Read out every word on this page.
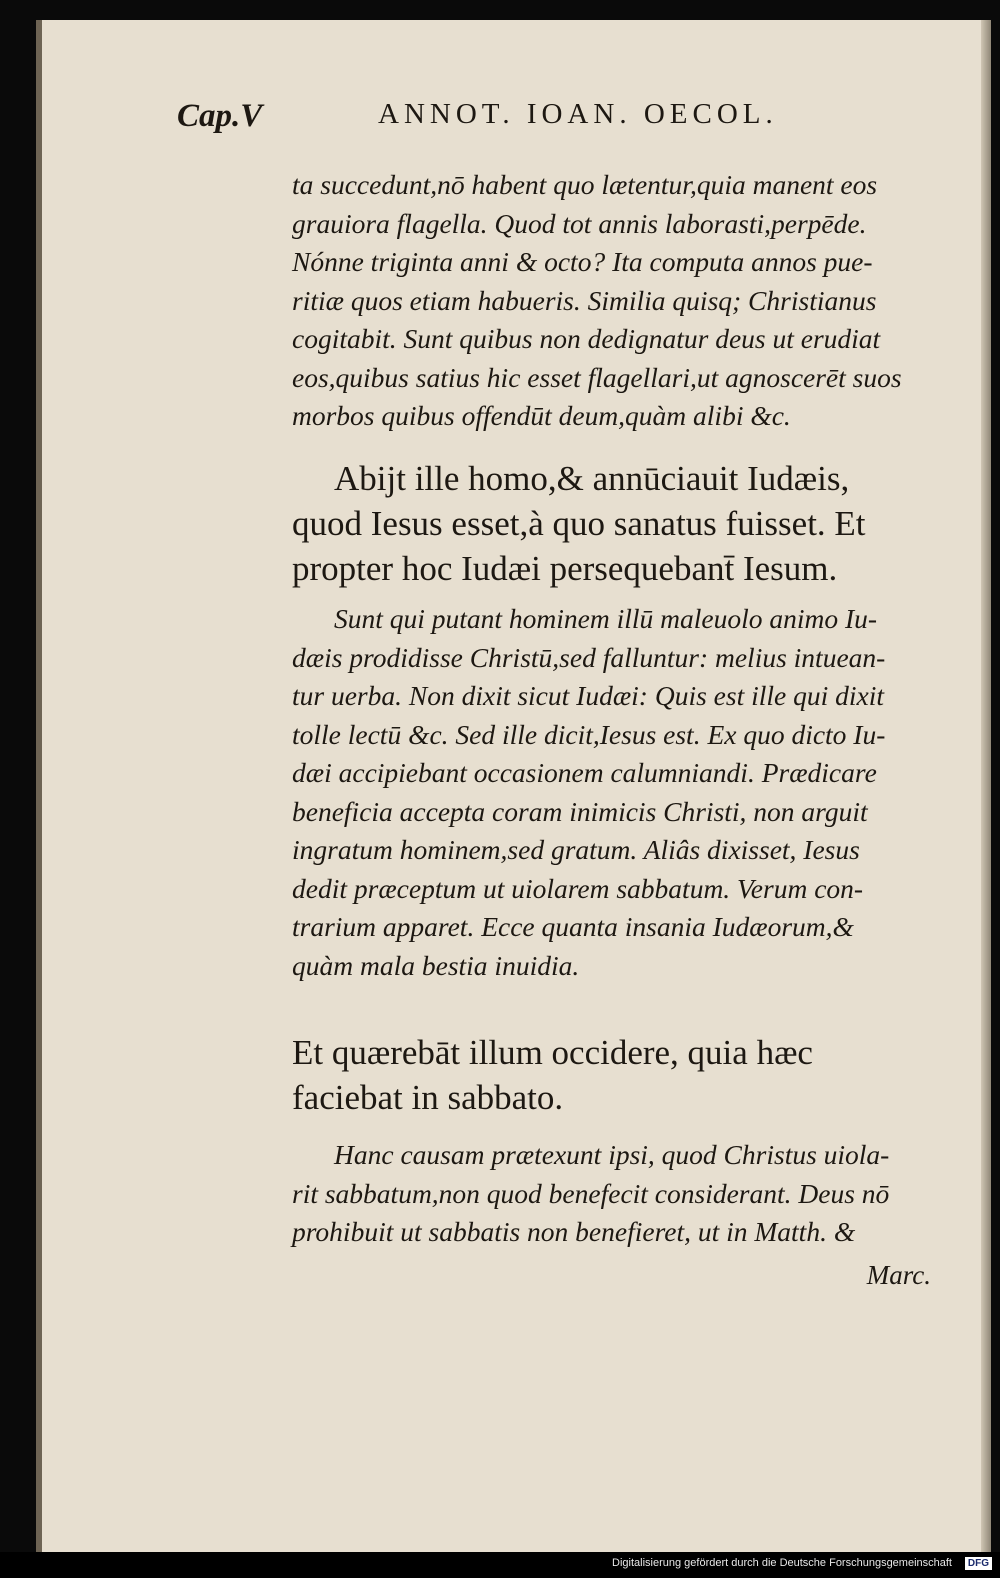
Cap.V	ANNOT. IOAN. OECOL.
ta succedunt,nō habent quo lætentur,quia manent eos
grauiora flagella. Quod tot annis laborasti,perpēde.
Nónne triginta anni & octo? Ita computa annos pue-
ritiæ quos etiam habueris. Similia quisq; Christianus
cogitabit. Sunt quibus non dedignatur deus ut erudiat
eos,quibus satius hic esset flagellari,ut agnoscerēt suos
morbos quibus offendūt deum,quàm alibi &c.
Abijt ille homo,& annūciauit Iudæis,
quod Iesus esset,à quo sanatus fuisset. Et
propter hoc Iudæi persequebant̄ Iesum.
Sunt qui putant hominem illū maleuolo animo Iu-
dæis prodidisse Christū,sed falluntur: melius intuean-
tur uerba. Non dixit sicut Iudæi: Quis est ille qui dixit
tolle lectū &c. Sed ille dicit,Iesus est. Ex quo dicto Iu-
dæi accipiebant occasionem calumniandi. Prædicare
beneficia accepta coram inimicis Christi, non arguit
ingratum hominem,sed gratum. Aliâs dixisset, Iesus
dedit præceptum ut uiolarem sabbatum. Verum con-
trarium apparet. Ecce quanta insania Iudæorum,&
quàm mala bestia inuidia.
Et quærebāt illum occidere, quia hæc
faciebat in sabbato.
Hanc causam prætexunt ipsi, quod Christus uiola-
rit sabbatum,non quod benefecit considerant. Deus nō
prohibuit ut sabbatis non benefieret, ut in Matth. &
Marc.

Digitalisierung gefördert durch die Deutsche Forschungsgemeinschaft	DFG
